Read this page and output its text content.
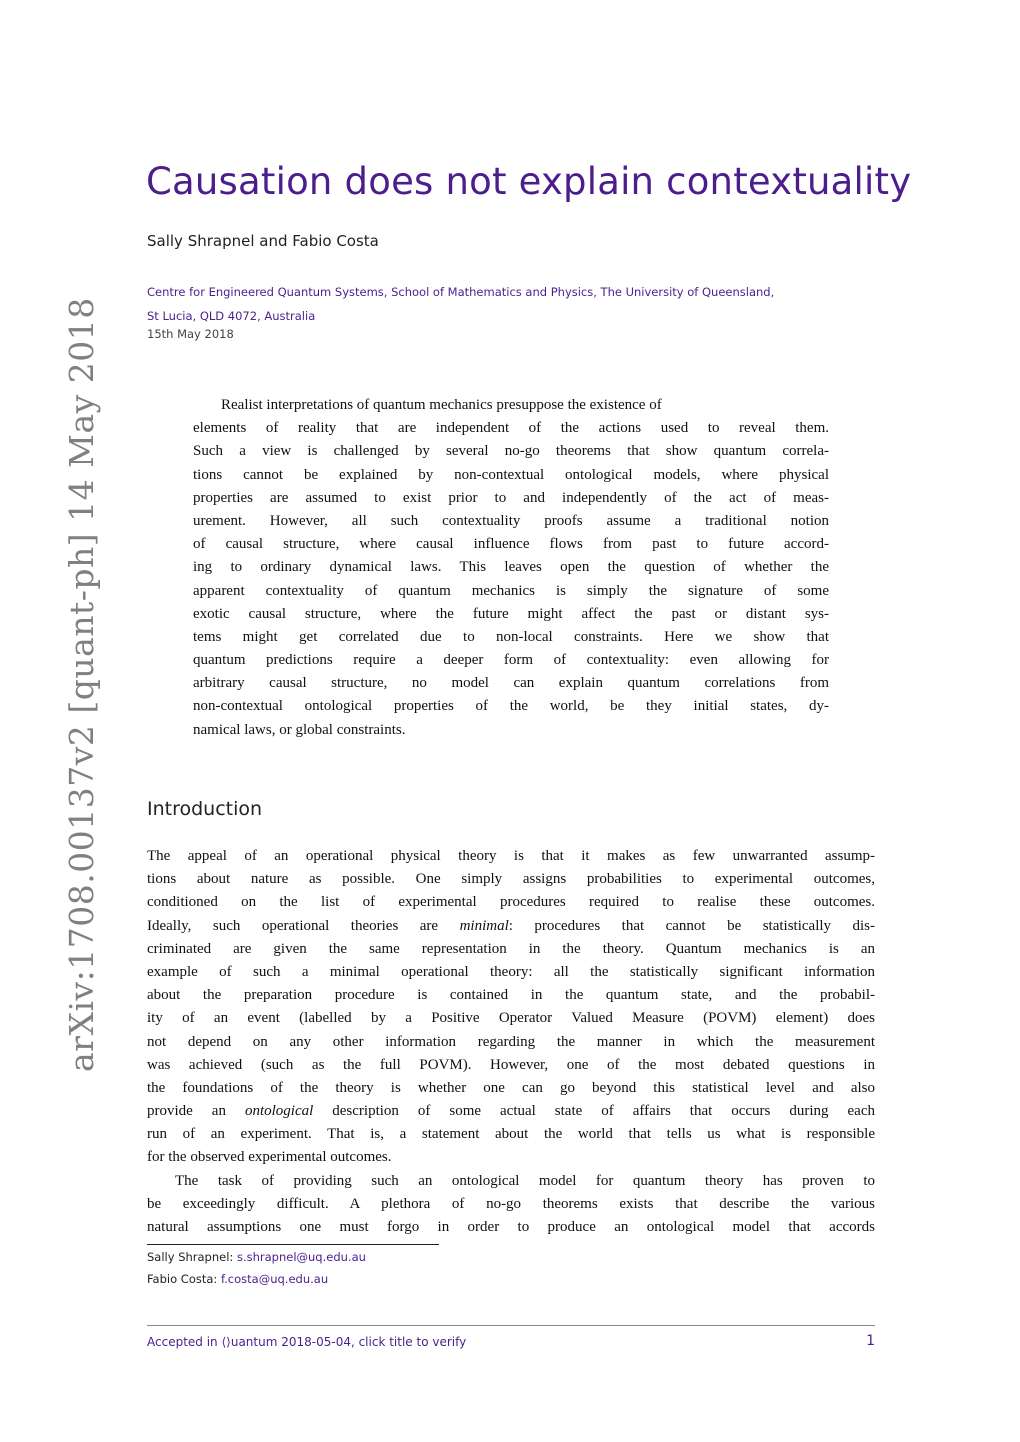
arXiv:1708.00137v2 [quant-ph] 14 May 2018
Causation does not explain contextuality
Sally Shrapnel and Fabio Costa
Centre for Engineered Quantum Systems, School of Mathematics and Physics, The University of Queensland,
St Lucia, QLD 4072, Australia
15th May 2018
Realist interpretations of quantum mechanics presuppose the existence of
elements of reality that are independent of the actions used to reveal them.
Such a view is challenged by several no-go theorems that show quantum correla-
tions cannot be explained by non-contextual ontological models, where physical
properties are assumed to exist prior to and independently of the act of meas-
urement. However, all such contextuality proofs assume a traditional notion
of causal structure, where causal influence flows from past to future accord-
ing to ordinary dynamical laws. This leaves open the question of whether the
apparent contextuality of quantum mechanics is simply the signature of some
exotic causal structure, where the future might affect the past or distant sys-
tems might get correlated due to non-local constraints. Here we show that
quantum predictions require a deeper form of contextuality: even allowing for
arbitrary causal structure, no model can explain quantum correlations from
non-contextual ontological properties of the world, be they initial states, dy-
namical laws, or global constraints.
Introduction
The appeal of an operational physical theory is that it makes as few unwarranted assump-
tions about nature as possible. One simply assigns probabilities to experimental outcomes,
conditioned on the list of experimental procedures required to realise these outcomes.
Ideally, such operational theories are minimal: procedures that cannot be statistically dis-
criminated are given the same representation in the theory. Quantum mechanics is an
example of such a minimal operational theory: all the statistically significant information
about the preparation procedure is contained in the quantum state, and the probabil-
ity of an event (labelled by a Positive Operator Valued Measure (POVM) element) does
not depend on any other information regarding the manner in which the measurement
was achieved (such as the full POVM). However, one of the most debated questions in
the foundations of the theory is whether one can go beyond this statistical level and also
provide an ontological description of some actual state of affairs that occurs during each
run of an experiment. That is, a statement about the world that tells us what is responsible
for the observed experimental outcomes.
The task of providing such an ontological model for quantum theory has proven to
be exceedingly difficult. A plethora of no-go theorems exists that describe the various
natural assumptions one must forgo in order to produce an ontological model that accords
Sally Shrapnel: s.shrapnel@uq.edu.au
Fabio Costa: f.costa@uq.edu.au
Accepted in ⟨⟩uantum 2018-05-04, click title to verify	1
